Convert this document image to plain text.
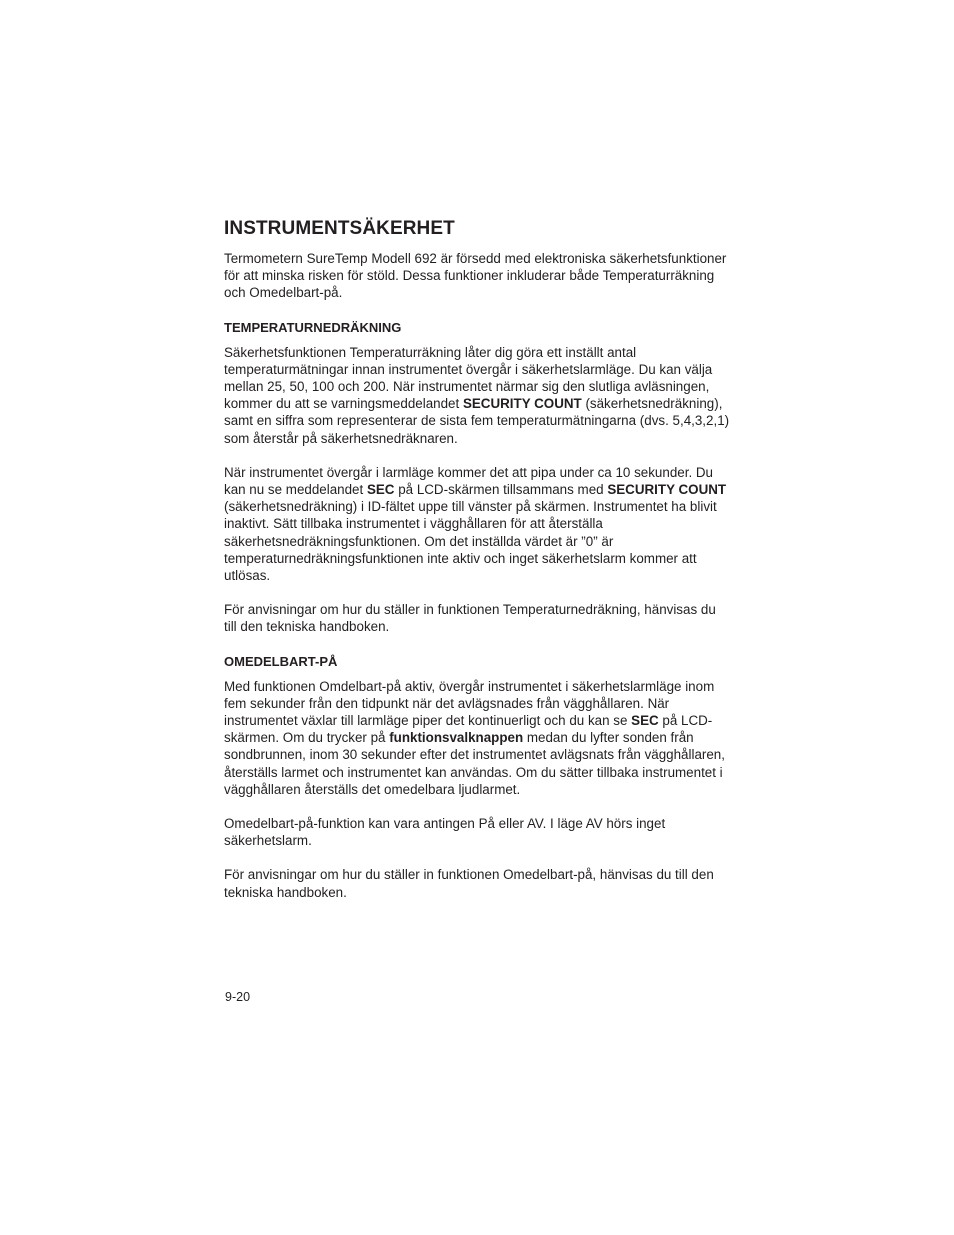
INSTRUMENTSÄKERHET

Termometern SureTemp Modell 692 är försedd med elektroniska säkerhetsfunktioner för att minska risken för stöld. Dessa funktioner inkluderar både Temperaturräkning och Omedelbart-på.

TEMPERATURNEDRÄKNING

Säkerhetsfunktionen Temperaturräkning låter dig göra ett inställt antal temperaturmätningar innan instrumentet övergår i säkerhetslarmläge. Du kan välja mellan 25, 50, 100 och 200. När instrumentet närmar sig den slutliga avläsningen, kommer du att se varningsmeddelandet SECURITY COUNT (säkerhetsnedräkning), samt en siffra som representerar de sista fem temperaturmätningarna (dvs. 5,4,3,2,1) som återstår på säkerhetsnedräknaren.

När instrumentet övergår i larmläge kommer det att pipa under ca 10 sekunder. Du kan nu se meddelandet SEC på LCD-skärmen tillsammans med SECURITY COUNT (säkerhetsnedräkning) i ID-fältet uppe till vänster på skärmen. Instrumentet ha blivit inaktivt. Sätt tillbaka instrumentet i vägghållaren för att återställa säkerhetsnedräkningsfunktionen. Om det inställda värdet är ”0” är temperaturnedräkningsfunktionen inte aktiv och inget säkerhetslarm kommer att utlösas.

För anvisningar om hur du ställer in funktionen Temperaturnedräkning, hänvisas du till den tekniska handboken.

OMEDELBART-PÅ

Med funktionen Omdelbart-på aktiv, övergår instrumentet i säkerhetslarmläge inom fem sekunder från den tidpunkt när det avlägsnades från vägghållaren. När instrumentet växlar till larmläge piper det kontinuerligt och du kan se SEC på LCD-skärmen. Om du trycker på funktionsvalknappen medan du lyfter sonden från sondbrunnen, inom 30 sekunder efter det instrumentet avlägsnats från vägghållaren, återställs larmet och instrumentet kan användas. Om du sätter tillbaka instrumentet i vägghållaren återställs det omedelbara ljudlarmet.

Omedelbart-på-funktion kan vara antingen På eller AV. I läge AV hörs inget säkerhetslarm.

För anvisningar om hur du ställer in funktionen Omedelbart-på, hänvisas du till den tekniska handboken.

9-20
